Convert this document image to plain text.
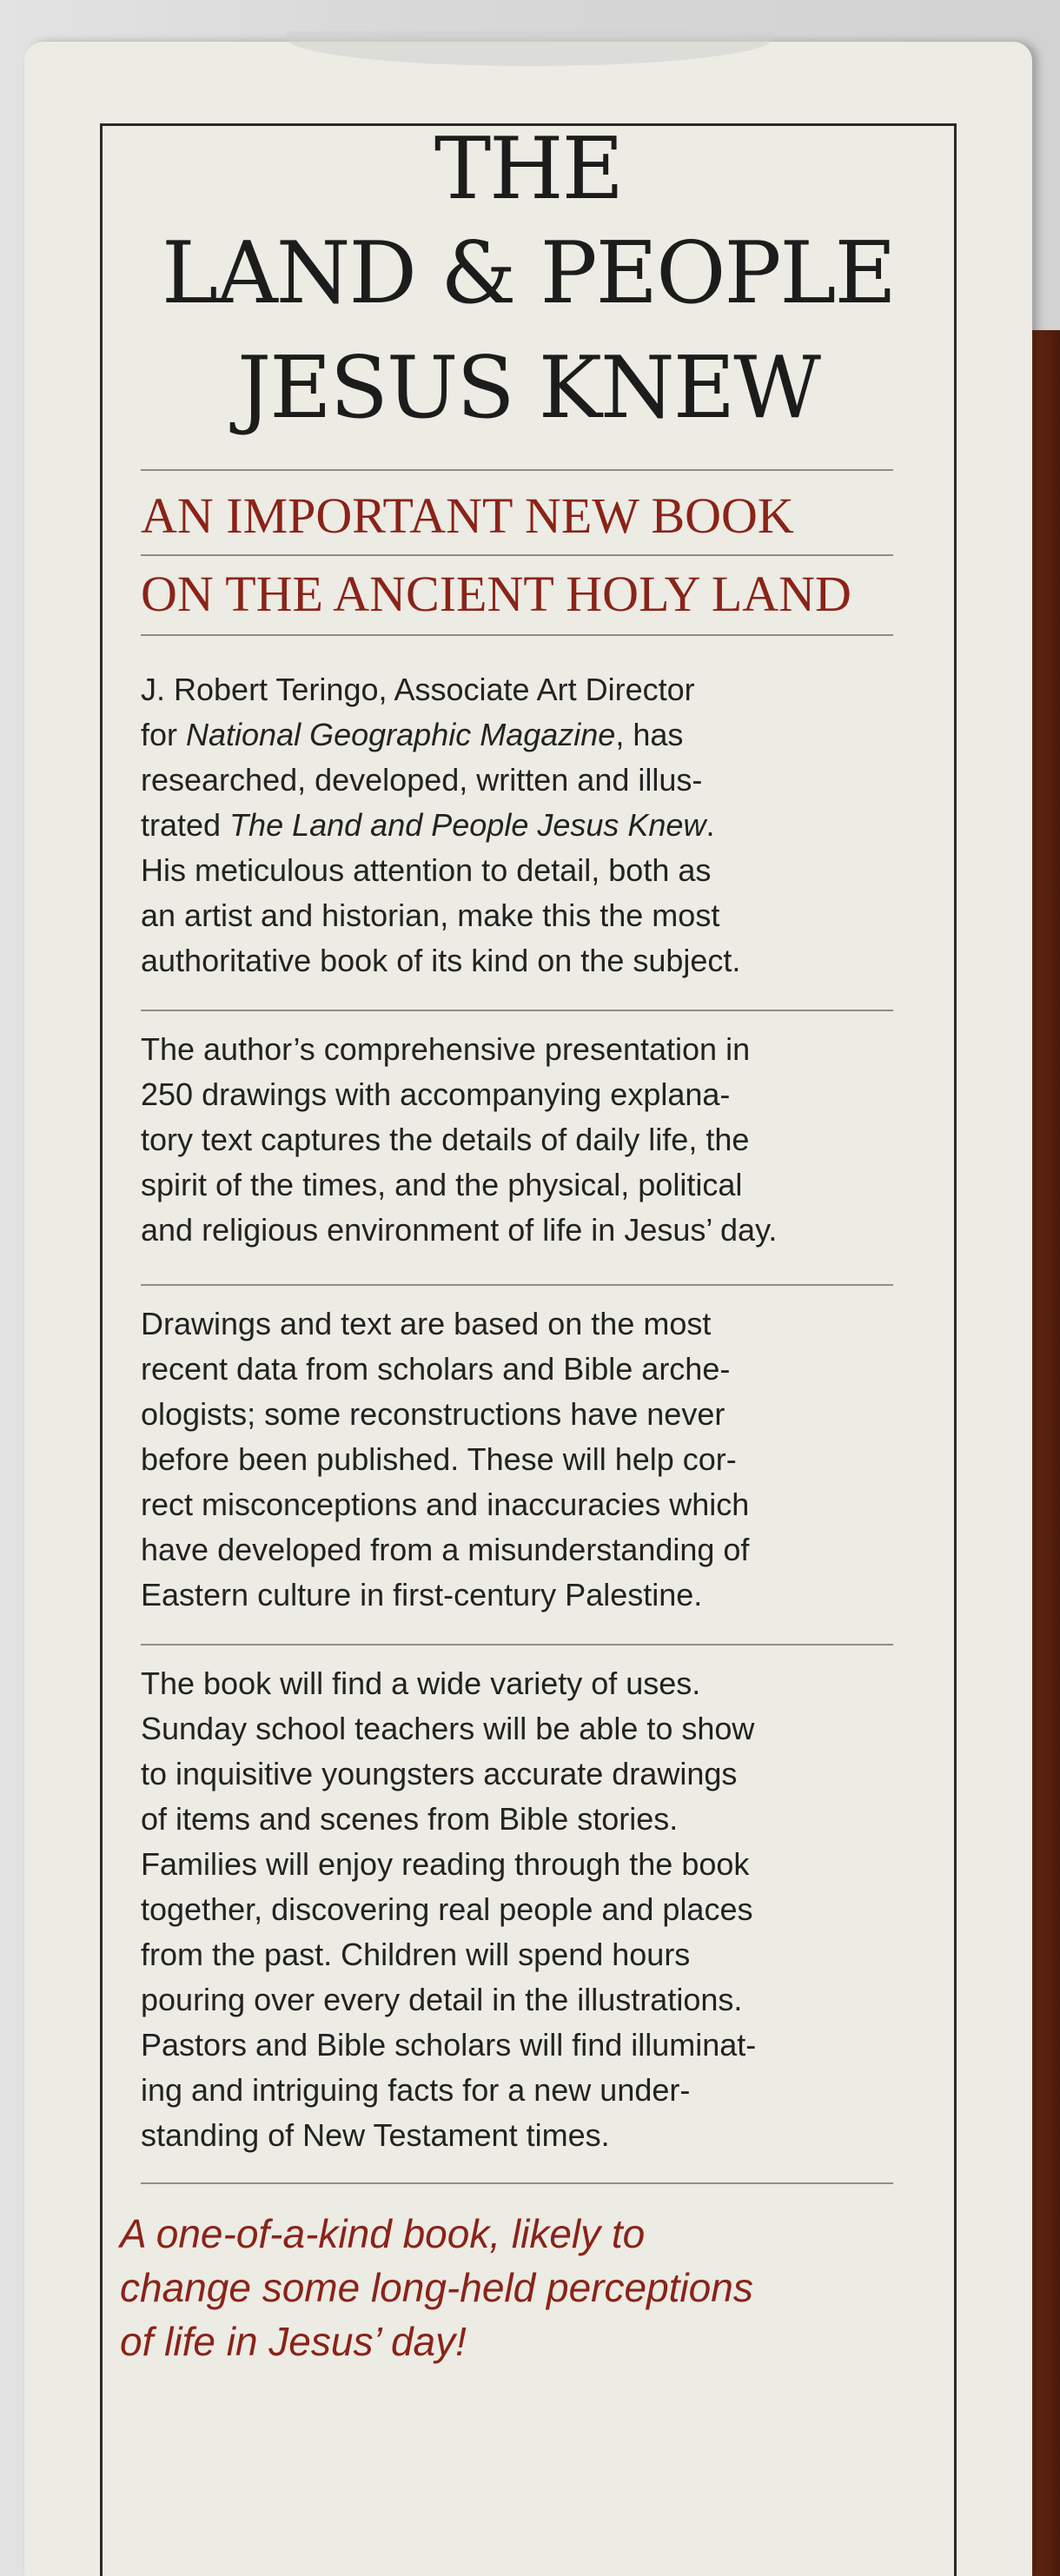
THE
LAND & PEOPLE
JESUS KNEW
AN IMPORTANT NEW BOOK
ON THE ANCIENT HOLY LAND
J. Robert Teringo, Associate Art Director
for National Geographic Magazine, has
researched, developed, written and illus-
trated The Land and People Jesus Knew.
His meticulous attention to detail, both as
an artist and historian, make this the most
authoritative book of its kind on the subject.
The author’s comprehensive presentation in
250 drawings with accompanying explana-
tory text captures the details of daily life, the
spirit of the times, and the physical, political
and religious environment of life in Jesus’ day.
Drawings and text are based on the most
recent data from scholars and Bible arche-
ologists; some reconstructions have never
before been published. These will help cor-
rect misconceptions and inaccuracies which
have developed from a misunderstanding of
Eastern culture in first-century Palestine.
The book will find a wide variety of uses.
Sunday school teachers will be able to show
to inquisitive youngsters accurate drawings
of items and scenes from Bible stories.
Families will enjoy reading through the book
together, discovering real people and places
from the past. Children will spend hours
pouring over every detail in the illustrations.
Pastors and Bible scholars will find illuminat-
ing and intriguing facts for a new under-
standing of New Testament times.
A one-of-a-kind book, likely to
change some long-held perceptions
of life in Jesus’ day!
